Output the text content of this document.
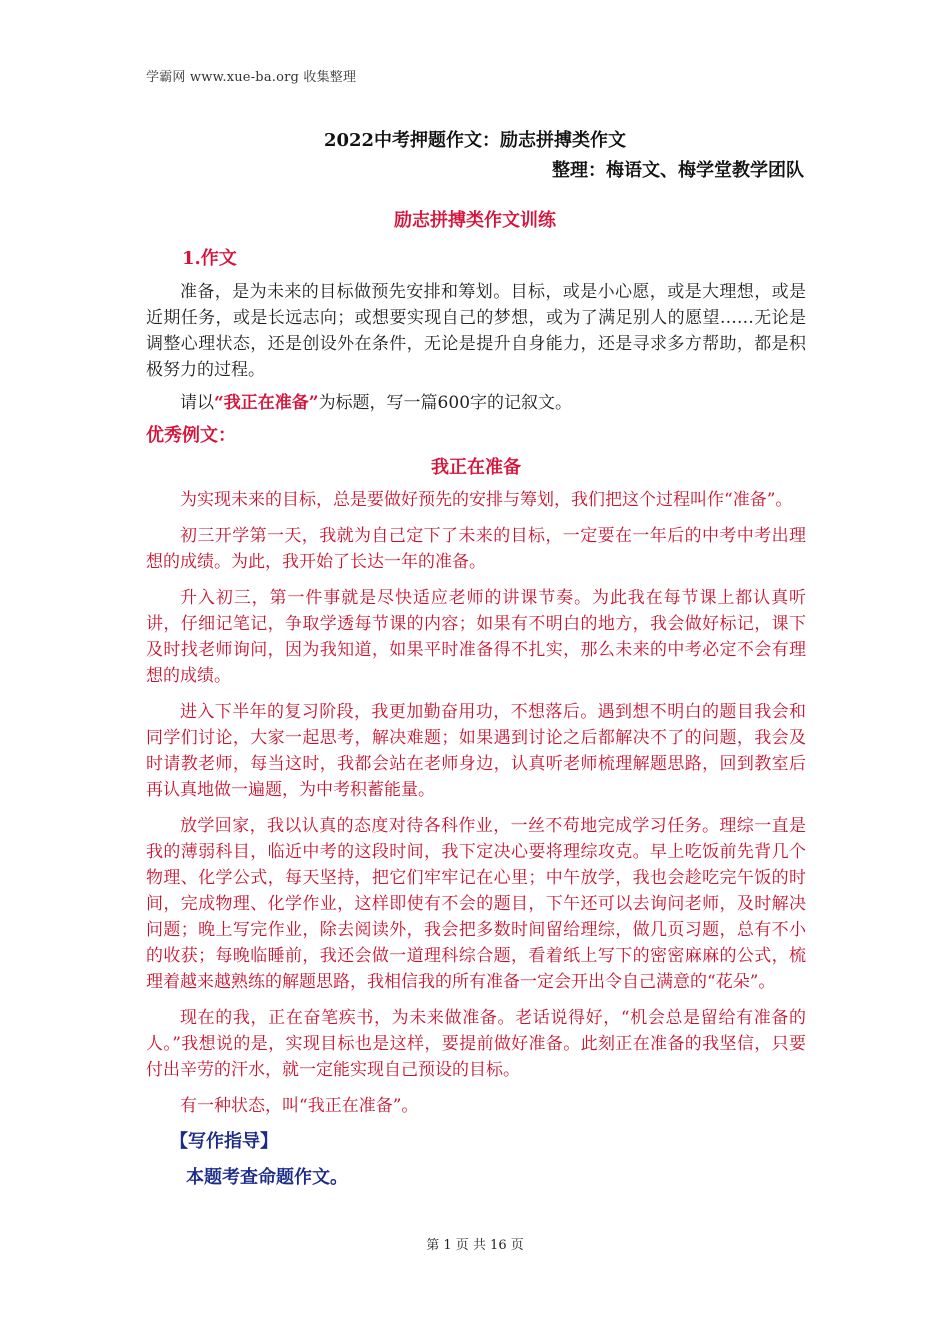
学霸网 www.xue-ba.org 收集整理
2022中考押题作文：励志拼搏类作文
整理：梅语文、梅学堂教学团队
励志拼搏类作文训练

1.作文

准备，是为未来的目标做预先安排和筹划。目标，或是小心愿，或是大理想，或是近期任务，或是长远志向；或想要实现自己的梦想，或为了满足别人的愿望……无论是调整心理状态，还是创设外在条件，无论是提升自身能力，还是寻求多方帮助，都是积极努力的过程。

请以“我正在准备”为标题，写一篇600字的记叙文。

优秀例文：

我正在准备

为实现未来的目标，总是要做好预先的安排与筹划，我们把这个过程叫作“准备”。

初三开学第一天，我就为自己定下了未来的目标，一定要在一年后的中考中考出理想的成绩。为此，我开始了长达一年的准备。

升入初三，第一件事就是尽快适应老师的讲课节奏。为此我在每节课上都认真听讲，仔细记笔记，争取学透每节课的内容；如果有不明白的地方，我会做好标记，课下及时找老师询问，因为我知道，如果平时准备得不扎实，那么未来的中考必定不会有理想的成绩。

进入下半年的复习阶段，我更加勤奋用功，不想落后。遇到想不明白的题目我会和同学们讨论，大家一起思考，解决难题；如果遇到讨论之后都解决不了的问题，我会及时请教老师，每当这时，我都会站在老师身边，认真听老师梳理解题思路，回到教室后再认真地做一遍题，为中考积蓄能量。

放学回家，我以认真的态度对待各科作业，一丝不苟地完成学习任务。理综一直是我的薄弱科目，临近中考的这段时间，我下定决心要将理综攻克。早上吃饭前先背几个物理、化学公式，每天坚持，把它们牢牢记在心里；中午放学，我也会趁吃完午饭的时间，完成物理、化学作业，这样即使有不会的题目，下午还可以去询问老师，及时解决问题；晚上写完作业，除去阅读外，我会把多数时间留给理综，做几页习题，总有不小的收获；每晚临睡前，我还会做一道理科综合题，看着纸上写下的密密麻麻的公式，梳理着越来越熟练的解题思路，我相信我的所有准备一定会开出令自己满意的“花朵”。

现在的我，正在奋笔疾书，为未来做准备。老话说得好，“机会总是留给有准备的人。”我想说的是，实现目标也是这样，要提前做好准备。此刻正在准备的我坚信，只要付出辛劳的汗水，就一定能实现自己预设的目标。

有一种状态，叫“我正在准备”。

【写作指导】

本题考查命题作文。

第 1 页 共 16 页
